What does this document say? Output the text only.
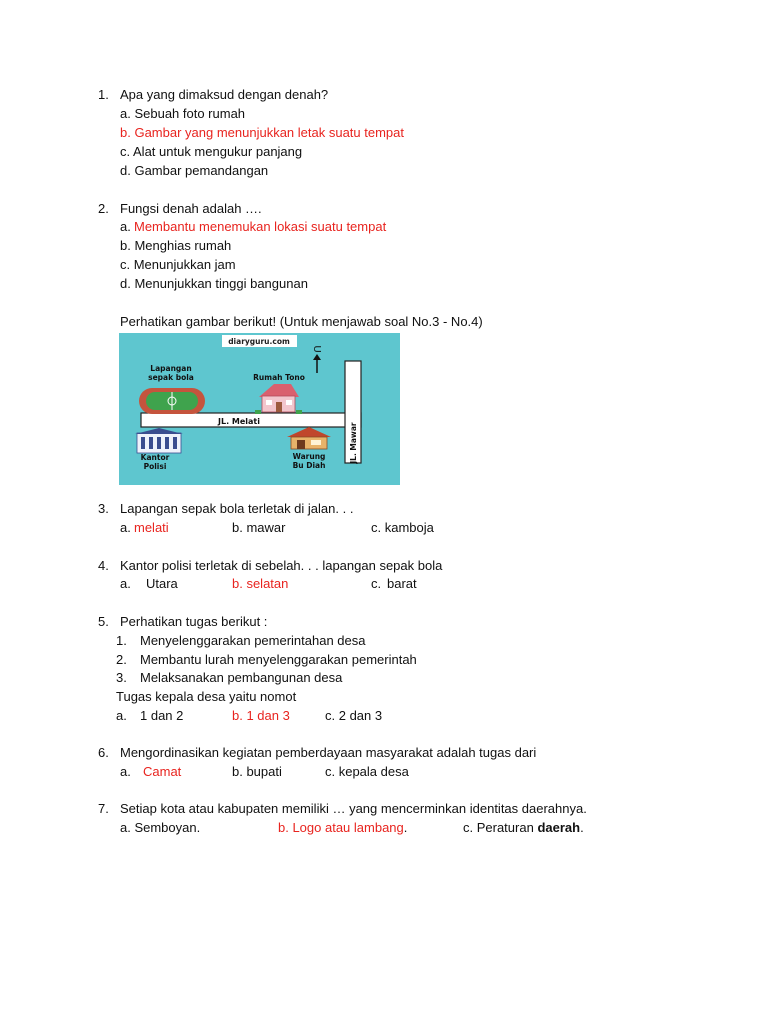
1. Apa yang dimaksud dengan denah?
a. Sebuah foto rumah
b. Gambar yang menunjukkan letak suatu tempat
c. Alat untuk mengukur panjang
d. Gambar pemandangan
2. Fungsi denah adalah ….
a. Membantu menemukan lokasi suatu tempat
b. Menghias rumah
c. Menunjukkan jam
d. Menunjukkan tinggi bangunan
Perhatikan gambar berikut! (Untuk menjawab soal No.3 - No.4)
diaryguru.com
U
JL. Melati
JL. Mawar
Lapangan
sepak bola	Rumah Tono
Kantor
Polisi
Warung
Bu Diah
3. Lapangan sepak bola terletak di jalan. . .
a. melati	b. mawar	c. kamboja
4. Kantor polisi terletak di sebelah. . . lapangan sepak bola
a. Utara	b. selatan	c. barat
5. Perhatikan tugas berikut :
1. Menyelenggarakan pemerintahan desa
2. Membantu lurah menyelenggarakan pemerintah
3. Melaksanakan pembangunan desa
Tugas kepala desa yaitu nomot
a. 1 dan 2	b. 1 dan 3	c. 2 dan 3
6. Mengordinasikan kegiatan pemberdayaan masyarakat adalah tugas dari
a. Camat	b. bupati	c. kepala desa
7. Setiap kota atau kabupaten memiliki … yang mencerminkan identitas daerahnya.
a. Semboyan.	b. Logo atau lambang.	c. Peraturan daerah.
